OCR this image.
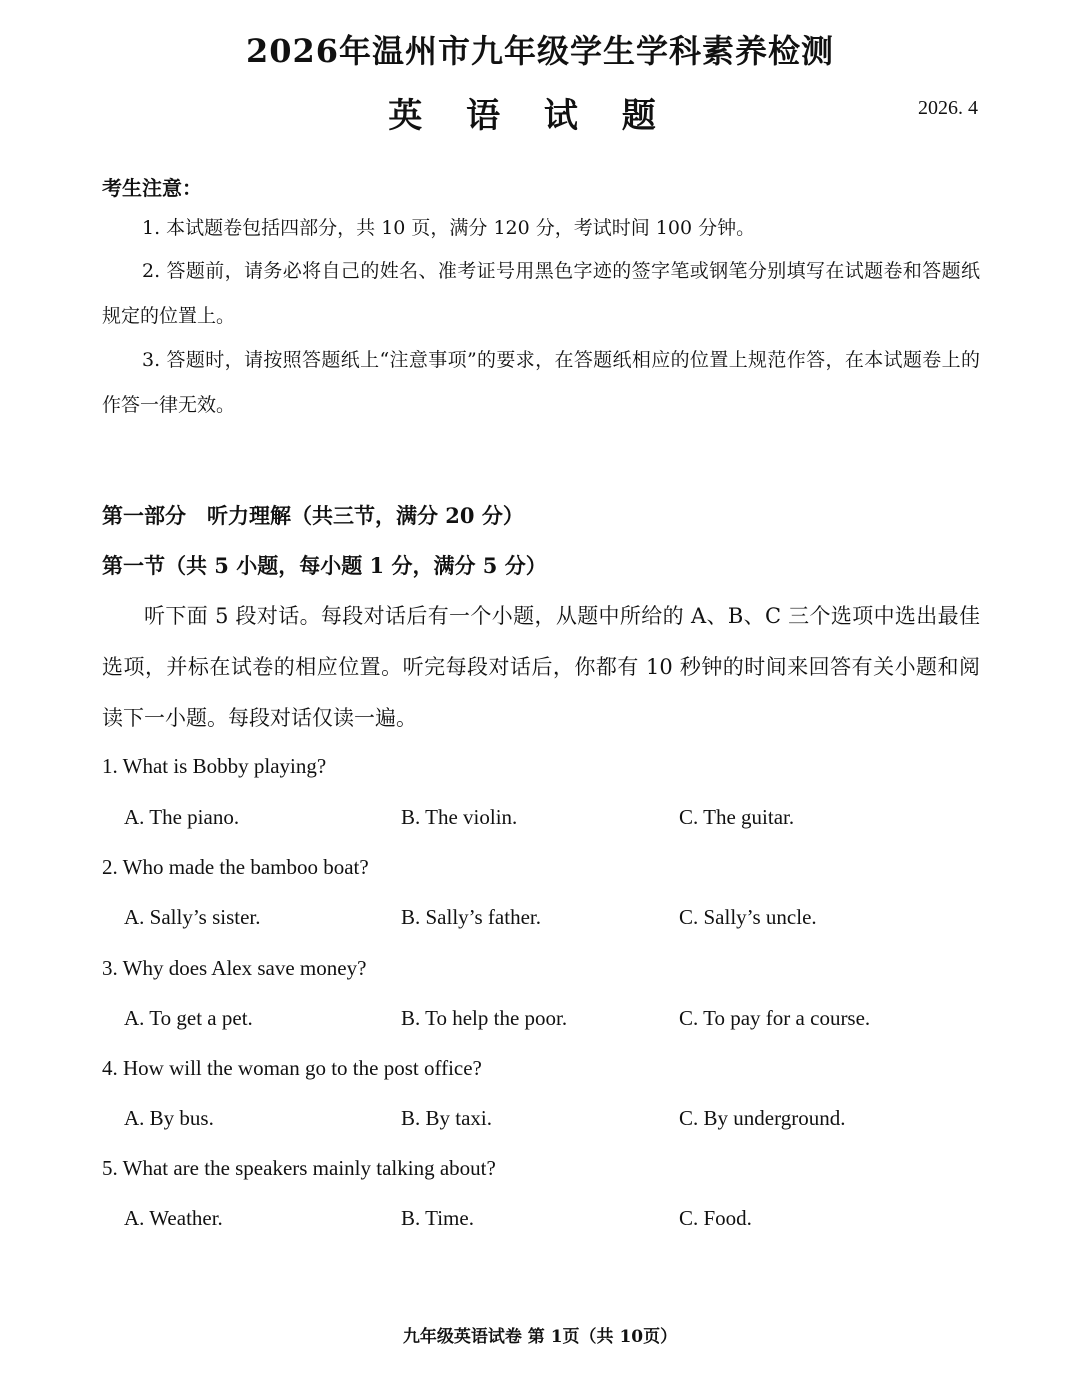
2026年温州市九年级学生学科素养检测
英 语 试 题	2026. 4
考生注意：
1. 本试题卷包括四部分，共 10 页，满分 120 分，考试时间 100 分钟。
2. 答题前，请务必将自己的姓名、准考证号用黑色字迹的签字笔或钢笔分别填写在试题卷和答题纸规定的位置上。
3. 答题时，请按照答题纸上“注意事项”的要求，在答题纸相应的位置上规范作答，在本试题卷上的作答一律无效。
第一部分　听力理解（共三节，满分 20 分）
第一节（共 5 小题，每小题 1 分，满分 5 分）
听下面 5 段对话。每段对话后有一个小题，从题中所给的 A、B、C 三个选项中选出最佳选项，并标在试卷的相应位置。听完每段对话后，你都有 10 秒钟的时间来回答有关小题和阅读下一小题。每段对话仅读一遍。
1. What is Bobby playing?
A. The piano.	B. The violin.	C. The guitar.
2. Who made the bamboo boat?
A. Sally’s sister.	B. Sally’s father.	C. Sally’s uncle.
3. Why does Alex save money?
A. To get a pet.	B. To help the poor.	C. To pay for a course.
4. How will the woman go to the post office?
A. By bus.	B. By taxi.	C. By underground.
5. What are the speakers mainly talking about?
A. Weather.	B. Time.	C. Food.
九年级英语试卷 第 1页（共 10页）
